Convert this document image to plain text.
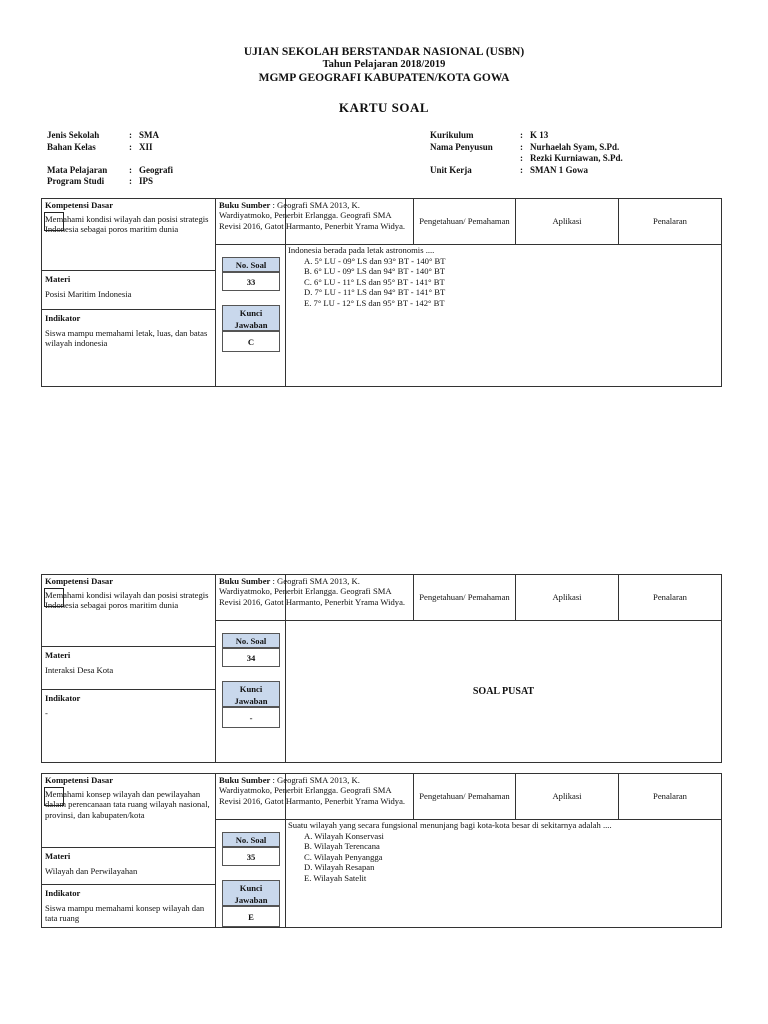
UJIAN SEKOLAH BERSTANDAR NASIONAL (USBN)
Tahun Pelajaran 2018/2019
MGMP GEOGRAFI KABUPATEN/KOTA GOWA
KARTU SOAL
Jenis Sekolah	: SMA
Bahan Kelas	: XII
Mata Pelajaran	: Geografi
Program Studi	: IPS
Kurikulum	: K 13
Nama Penyusun	: Nurhaelah Syam, S.Pd.
: Rezki Kurniawan, S.Pd.
Unit Kerja	: SMAN 1 Gowa
Kompetensi Dasar
Memahami kondisi wilayah dan posisi strategis Indonesia sebagai poros maritim dunia
Materi
Posisi Maritim Indonesia
Indikator
Siswa mampu memahami letak, luas, dan batas wilayah indonesia
No. Soal
33
Kunci Jawaban
C
Buku Sumber : Geografi SMA 2013, K. Wardiyatmoko, Penerbit Erlangga. Geografi SMA Revisi 2016, Gatot Harmanto, Penerbit Yrama Widya.	Pengetahuan/ Pemahaman	Aplikasi	Penalaran
Indonesia berada pada letak astronomis ....
A. 5° LU - 09° LS dan 93° BT - 140° BT
B. 6° LU - 09° LS dan 94° BT - 140° BT
C. 6° LU - 11° LS dan 95° BT - 141° BT
D. 7° LU - 11° LS dan 94° BT - 141° BT
E. 7° LU - 12° LS dan 95° BT - 142° BT
Kompetensi Dasar
Memahami kondisi wilayah dan posisi strategis Indonesia sebagai poros maritim dunia
Materi
Interaksi Desa Kota
Indikator
-
No. Soal
34
Kunci Jawaban
-
Buku Sumber : Geografi SMA 2013, K. Wardiyatmoko, Penerbit Erlangga. Geografi SMA Revisi 2016, Gatot Harmanto, Penerbit Yrama Widya.	Pengetahuan/ Pemahaman	Aplikasi	Penalaran
SOAL PUSAT
Kompetensi Dasar
Memahami konsep wilayah dan pewilayahan dalam perencanaan tata ruang wilayah nasional, provinsi, dan kabupaten/kota
Materi
Wilayah dan Perwilayahan
Indikator
Siswa mampu memahami konsep wilayah dan tata ruang
No. Soal
35
Kunci Jawaban
E
Buku Sumber : Geografi SMA 2013, K. Wardiyatmoko, Penerbit Erlangga. Geografi SMA Revisi 2016, Gatot Harmanto, Penerbit Yrama Widya.	Pengetahuan/ Pemahaman	Aplikasi	Penalaran
Suatu wilayah yang secara fungsional menunjang bagi kota-kota besar di sekitarnya adalah ....
A. Wilayah Konservasi
B. Wilayah Terencana
C. Wilayah Penyangga
D. Wilayah Resapan
E. Wilayah Satelit
